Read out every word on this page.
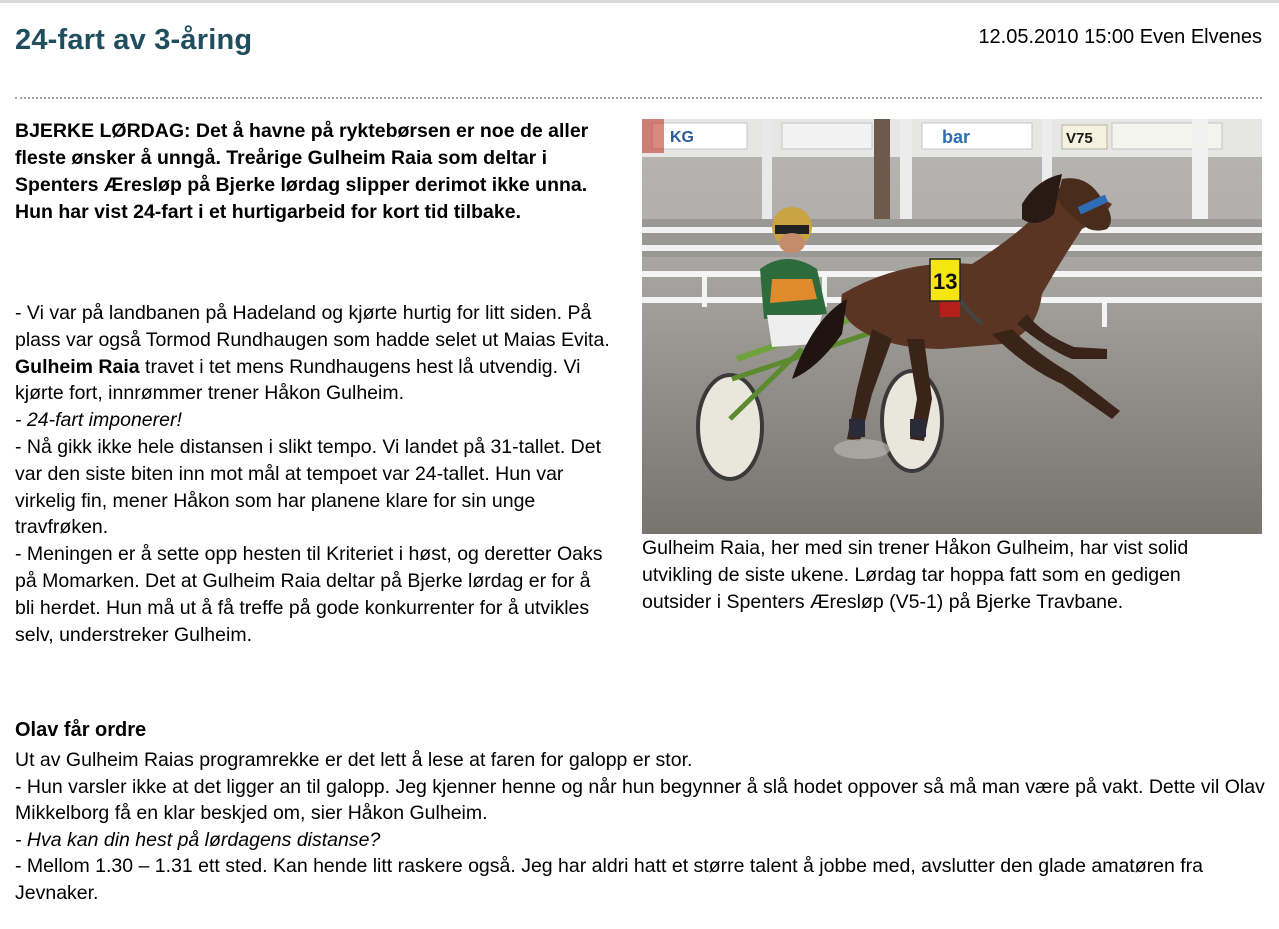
24-fart av 3-åring	12.05.2010 15:00 Even Elvenes

BJERKE LØRDAG: Det å havne på ryktebørsen er noe de aller fleste ønsker å unngå. Treårige Gulheim Raia som deltar i Spenters Æresløp på Bjerke lørdag slipper derimot ikke unna. Hun har vist 24-fart i et hurtigarbeid for kort tid tilbake.

- Vi var på landbanen på Hadeland og kjørte hurtig for litt siden. På plass var også Tormod Rundhaugen som hadde selet ut Maias Evita. Gulheim Raia travet i tet mens Rundhaugens hest lå utvendig. Vi kjørte fort, innrømmer trener Håkon Gulheim.

- 24-fart imponerer!

- Nå gikk ikke hele distansen i slikt tempo. Vi landet på 31-tallet. Det var den siste biten inn mot mål at tempoet var 24-tallet. Hun var virkelig fin, mener Håkon som har planene klare for sin unge travfrøken.

- Meningen er å sette opp hesten til Kriteriet i høst, og deretter Oaks på Momarken. Det at Gulheim Raia deltar på Bjerke lørdag er for å bli herdet. Hun må ut å få treffe på gode konkurrenter for å utvikles selv, understreker Gulheim.

KG	bar	V75
13
Gulheim Raia, her med sin trener Håkon Gulheim, har vist solid utvikling de siste ukene. Lørdag tar hoppa fatt som en gedigen outsider i Spenters Æresløp (V5-1) på Bjerke Travbane.
Olav får ordre

Ut av Gulheim Raias programrekke er det lett å lese at faren for galopp er stor.

- Hun varsler ikke at det ligger an til galopp. Jeg kjenner henne og når hun begynner å slå hodet oppover så må man være på vakt. Dette vil Olav Mikkelborg få en klar beskjed om, sier Håkon Gulheim.

- Hva kan din hest på lørdagens distanse?

- Mellom 1.30 – 1.31 ett sted. Kan hende litt raskere også. Jeg har aldri hatt et større talent å jobbe med, avslutter den glade amatøren fra Jevnaker.
